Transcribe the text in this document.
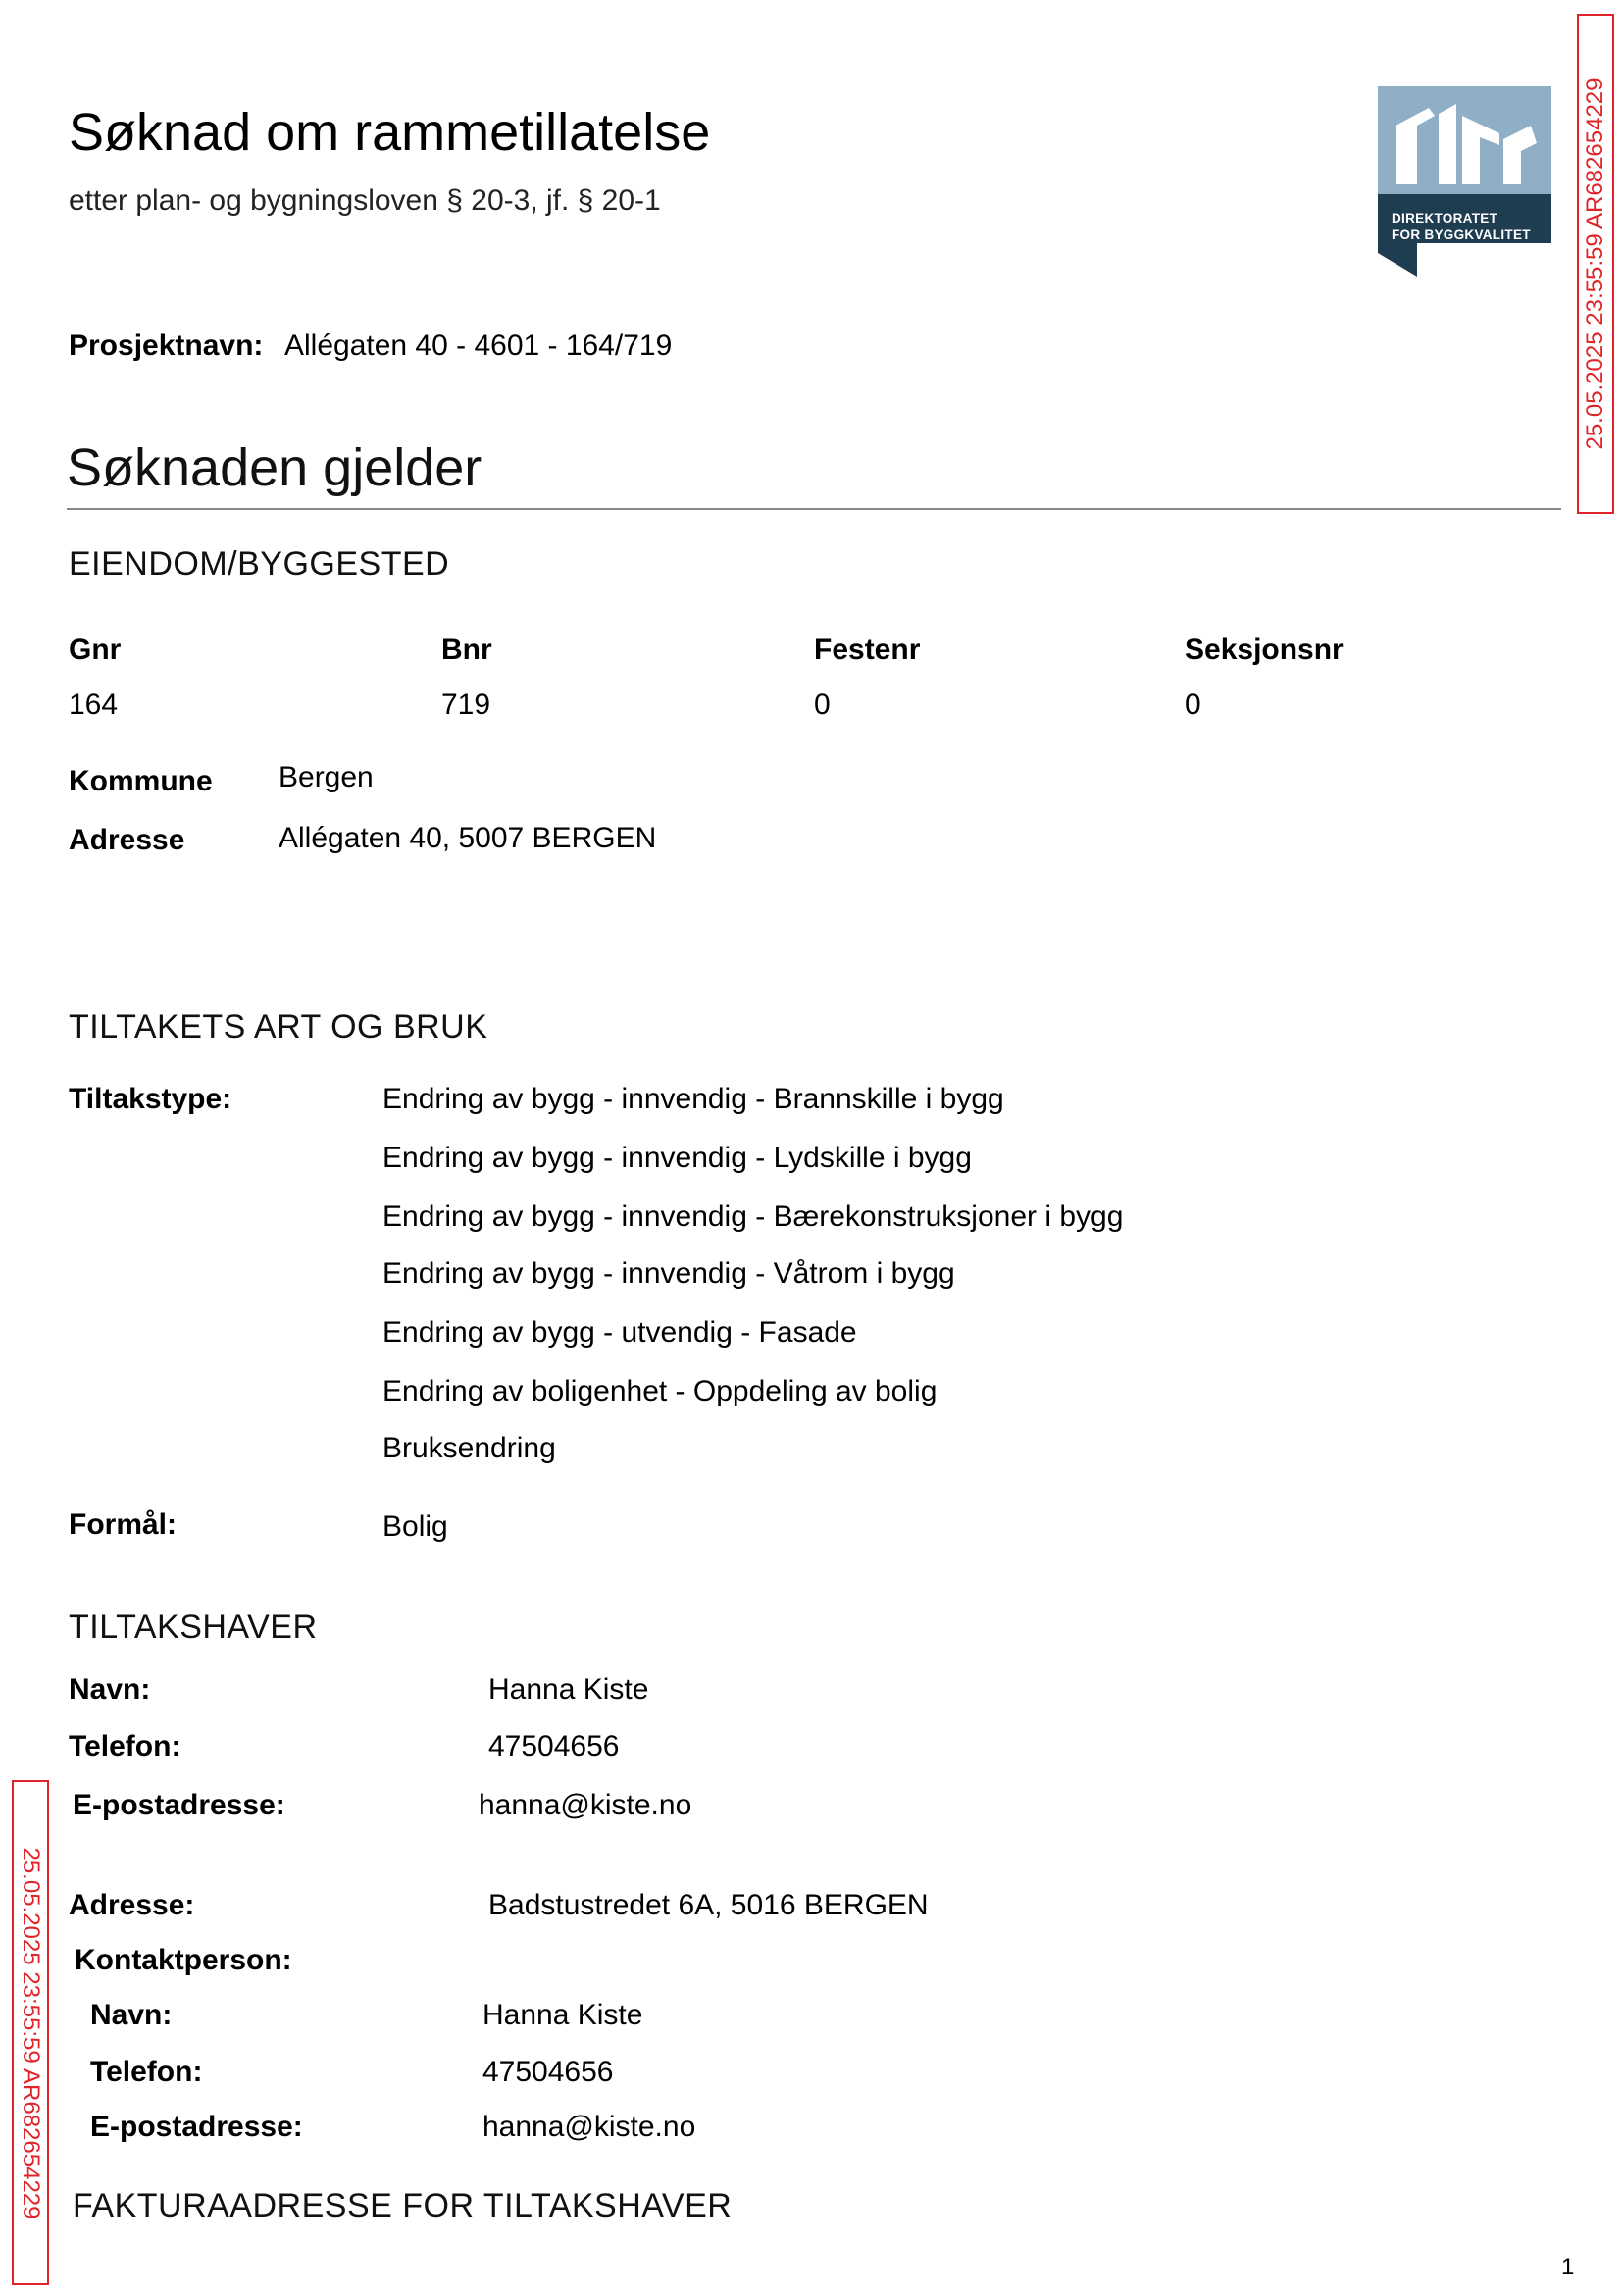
Søknad om rammetillatelse
etter plan- og bygningsloven § 20-3, jf. § 20-1
DIREKTORATET
FOR BYGGKVALITET 25.05.2025 23:55:59 AR682654229
25.05.2025 23:55:59 AR682654229
Prosjektnavn: Allégaten 40 - 4601 - 164/719
Søknaden gjelder
EIENDOM/BYGGESTED
Gnr	Bnr	Festenr	Seksjonsnr
164	719	0	0
Kommune Bergen
Adresse	Allégaten 40, 5007 BERGEN
TILTAKETS ART OG BRUK
Tiltakstype:	Endring av bygg - innvendig - Brannskille i bygg
Endring av bygg - innvendig - Lydskille i bygg
Endring av bygg - innvendig - Bærekonstruksjoner i bygg
Endring av bygg - innvendig - Våtrom i bygg
Endring av bygg - utvendig - Fasade
Endring av boligenhet - Oppdeling av bolig
Bruksendring
Formål:	Bolig
TILTAKSHAVER
Navn:	Hanna Kiste
Telefon:	47504656
E-postadresse:	hanna@kiste.no
Adresse:	Badstustredet 6A, 5016 BERGEN
Kontaktperson:
Navn:	Hanna Kiste
Telefon:	47504656
E-postadresse:	hanna@kiste.no
FAKTURAADRESSE FOR TILTAKSHAVER
1
